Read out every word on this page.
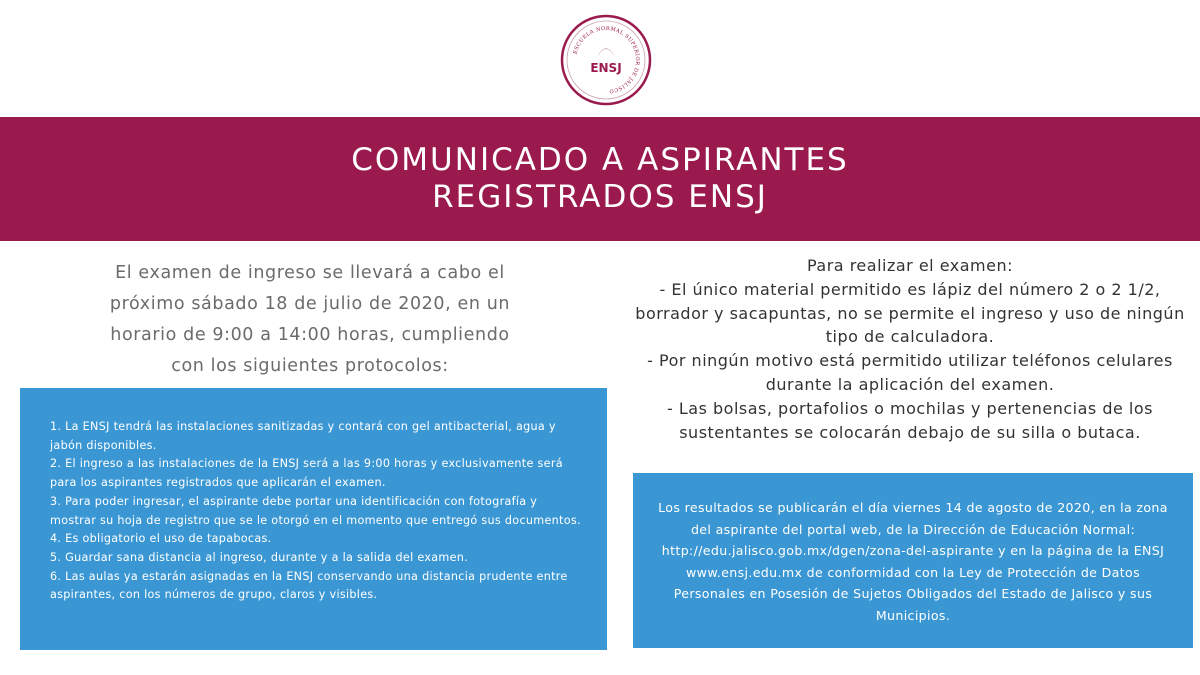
ESCUELA NORMAL SUPERIOR DE JALISCO
ENSJ
COMUNICADO A ASPIRANTES
REGISTRADOS ENSJ
El examen de ingreso se llevará a cabo el
próximo sábado 18 de julio de 2020, en un
horario de 9:00 a 14:00 horas, cumpliendo
con los siguientes protocolos:

1. La ENSJ tendrá las instalaciones sanitizadas y contará con gel antibacterial, agua y jabón disponibles.

2. El ingreso a las instalaciones de la ENSJ será a las 9:00 horas y exclusivamente será para los aspirantes registrados que aplicarán el examen.

3. Para poder ingresar, el aspirante debe portar una identificación con fotografía y mostrar su hoja de registro que se le otorgó en el momento que entregó sus documentos.

4. Es obligatorio el uso de tapabocas.

5. Guardar sana distancia al ingreso, durante y a la salida del examen.

6. Las aulas ya estarán asignadas en la ENSJ conservando una distancia prudente entre aspirantes, con los números de grupo, claros y visibles.

Para realizar el examen:

- El único material permitido es lápiz del número 2 o 2 1/2, borrador y sacapuntas, no se permite el ingreso y uso de ningún tipo de calculadora.

- Por ningún motivo está permitido utilizar teléfonos celulares durante la aplicación del examen.

- Las bolsas, portafolios o mochilas y pertenencias de los sustentantes se colocarán debajo de su silla o butaca.

Los resultados se publicarán el día viernes 14 de agosto de 2020, en la zona del aspirante del portal web, de la Dirección de Educación Normal: http://edu.jalisco.gob.mx/dgen/zona-del-aspirante y en la página de la ENSJ www.ensj.edu.mx de conformidad con la Ley de Protección de Datos Personales en Posesión de Sujetos Obligados del Estado de Jalisco y sus Municipios.
